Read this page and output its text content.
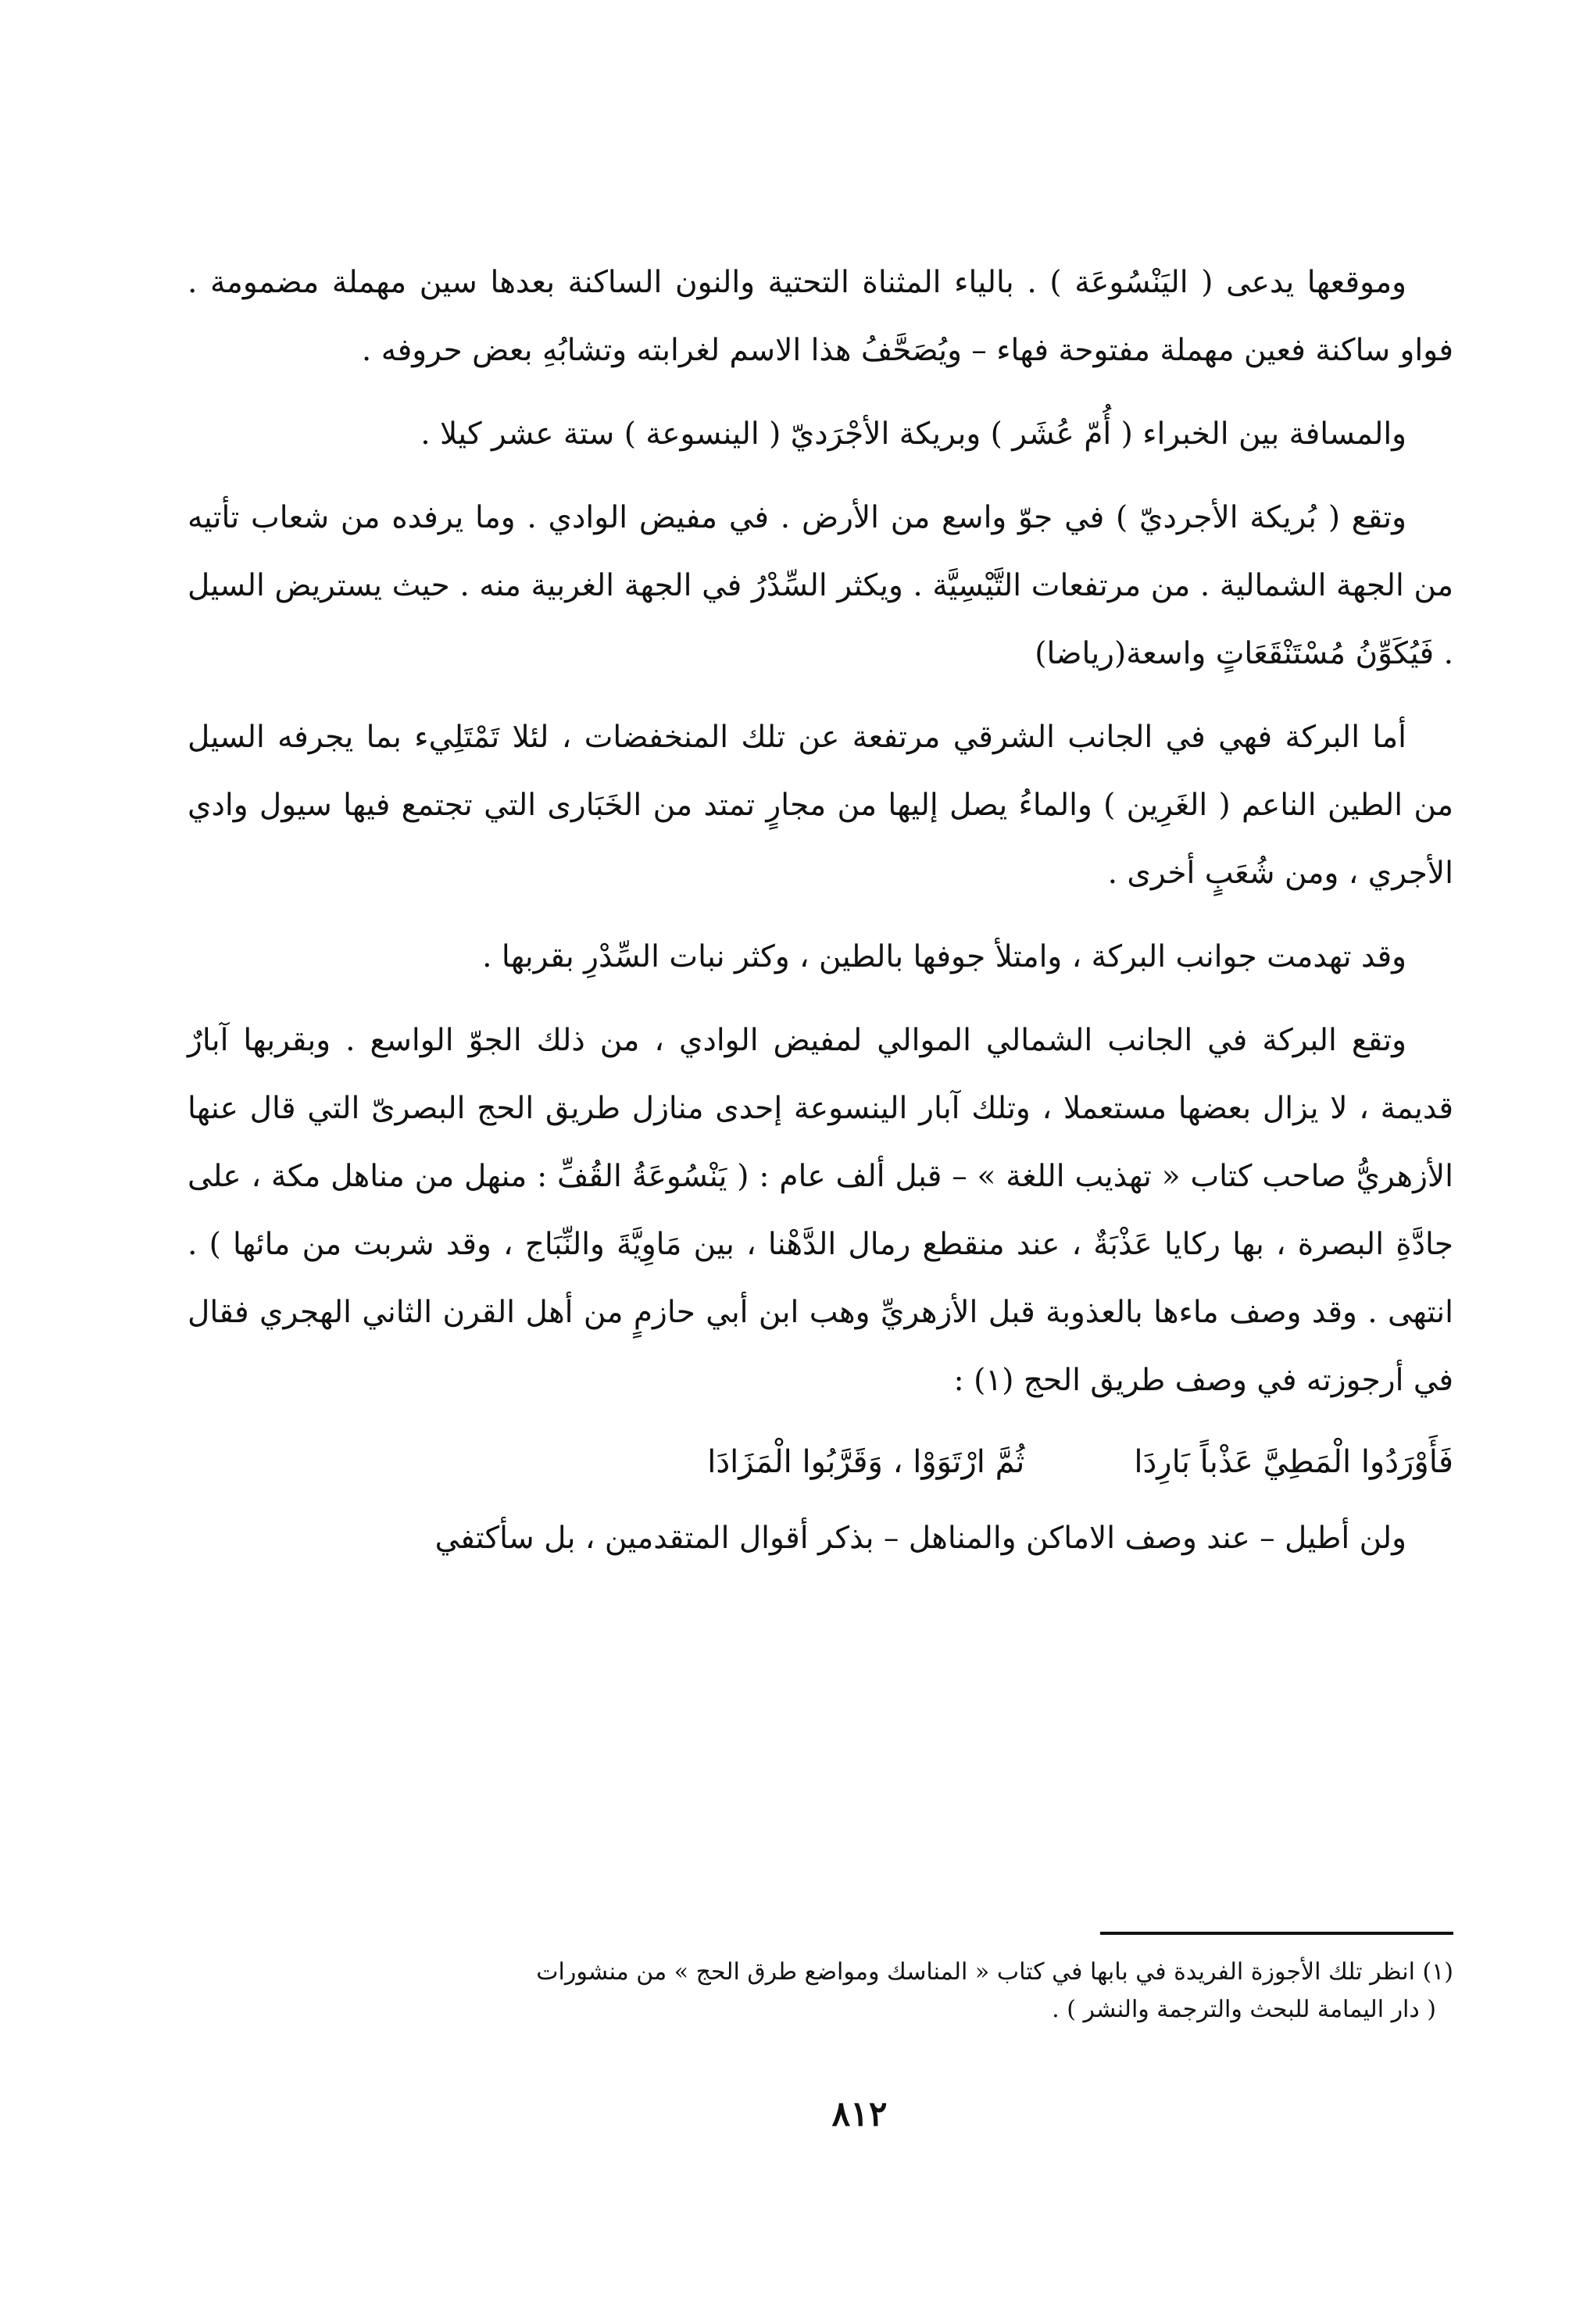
وموقعها يدعى ( اليَنْسُوعَة ) . بالياء المثناة التحتية والنون الساكنة بعدها سين مهملة مضمومة . فواو ساكنة فعين مهملة مفتوحة فهاء – ويُصَحَّفُ هذا الاسم لغرابته وتشابُهِ بعض حروفه .

والمسافة بين الخبراء ( أُمّ عُشَر ) وبريكة الأجْرَديّ ( الينسوعة ) ستة عشر كيلا .

وتقع ( بُريكة الأجرديّ ) في جوّ واسع من الأرض . في مفيض الوادي . وما يرفده من شعاب تأتيه من الجهة الشمالية . من مرتفعات التَّيْسِيَّة . ويكثر السِّدْرُ في الجهة الغربية منه . حيث يستريض السيل . فَيُكَوِّنُ مُسْتَنْقَعَاتٍ واسعة(رياضا)

أما البركة فهي في الجانب الشرقي مرتفعة عن تلك المنخفضات ، لئلا تَمْتَلِيء بما يجرفه السيل من الطين الناعم ( الغَرِين ) والماءُ يصل إليها من مجارٍ تمتد من الخَبَارى التي تجتمع فيها سيول وادي الأجري ، ومن شُعَبٍ أخرى .

وقد تهدمت جوانب البركة ، وامتلأ جوفها بالطين ، وكثر نبات السِّدْرِ بقربها .

وتقع البركة في الجانب الشمالي الموالي لمفيض الوادي ، من ذلك الجوّ الواسع . وبقربها آبارٌ قديمة ، لا يزال بعضها مستعملا ، وتلك آبار الينسوعة إحدى منازل طريق الحج البصرىّ التي قال عنها الأزهريُّ صاحب كتاب « تهذيب اللغة » – قبل ألف عام : ( يَنْسُوعَةُ القُفِّ : منهل من مناهل مكة ، على جادَّةِ البصرة ، بها ركايا عَذْبَةٌ ، عند منقطع رمال الدَّهْنا ، بين مَاوِيَّةَ والنِّبَاج ، وقد شربت من مائها ) . انتهى . وقد وصف ماءها بالعذوبة قبل الأزهريِّ وهب ابن أبي حازمٍ من أهل القرن الثاني الهجري فقال في أرجوزته في وصف طريق الحج (١) :

فَأَوْرَدُوا الْمَطِيَّ عَذْباً بَارِدَا
ثُمَّ ارْتَوَوْا ، وَقَرَّبُوا الْمَزَادَا

ولن أطيل – عند وصف الاماكن والمناهل – بذكر أقوال المتقدمين ، بل سأكتفي

(١) انظر تلك الأجوزة الفريدة في بابها في كتاب « المناسك ومواضع طرق الحج » من منشورات
( دار اليمامة للبحث والترجمة والنشر ) .
٨١٢
